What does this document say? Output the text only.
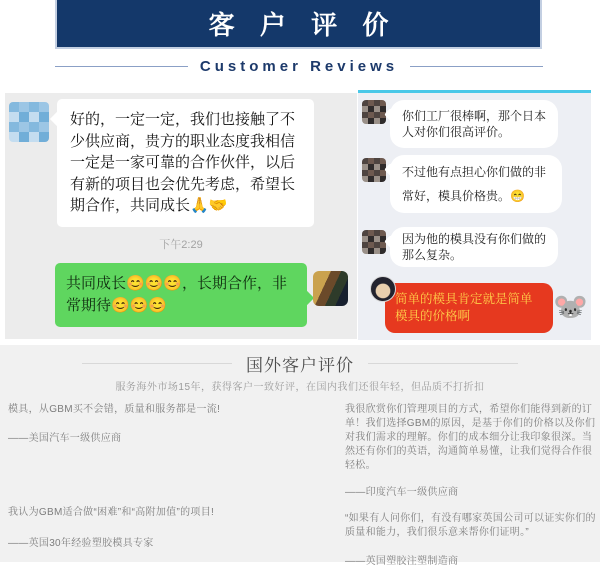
客 户 评 价
Customer Reviews
好的，一定一定，我们也接触了不少供应商，贵方的职业态度我相信一定是一家可靠的合作伙伴，以后有新的项目也会优先考虑，希望长期合作，共同成长🙏🤝
下午2:29
共同成长😊😊😊，长期合作，非常期待😊😊😊
你们工厂很棒啊，那个日本人对你们很高评价。
不过他有点担心你们做的非常好，模具价格贵。😁
因为他的模具没有你们做的那么复杂。
简单的模具肯定就是简单模具的价格啊	🐭
国外客户评价
服务海外市场15年，获得客户一致好评，在国内我们还很年轻，但品质不打折扣
模具，从GBM买不会错，质量和服务都是一流!
——美国汽车一级供应商
我认为GBM适合做“困难”和“高附加值”的项目!
——英国30年经验塑胶模具专家
我很欣赏你们管理项目的方式，希望你们能得到新的订单！我们选择GBM的原因，是基于你们的价格以及你们对我们需求的理解。你们的成本细分让我印象很深。当然还有你们的英语，沟通简单易懂，让我们觉得合作很轻松。
——印度汽车一级供应商
“如果有人问你们，有没有哪家英国公司可以证实你们的质量和能力，我们很乐意来帮你们证明。”
——英国塑胶注塑制造商
